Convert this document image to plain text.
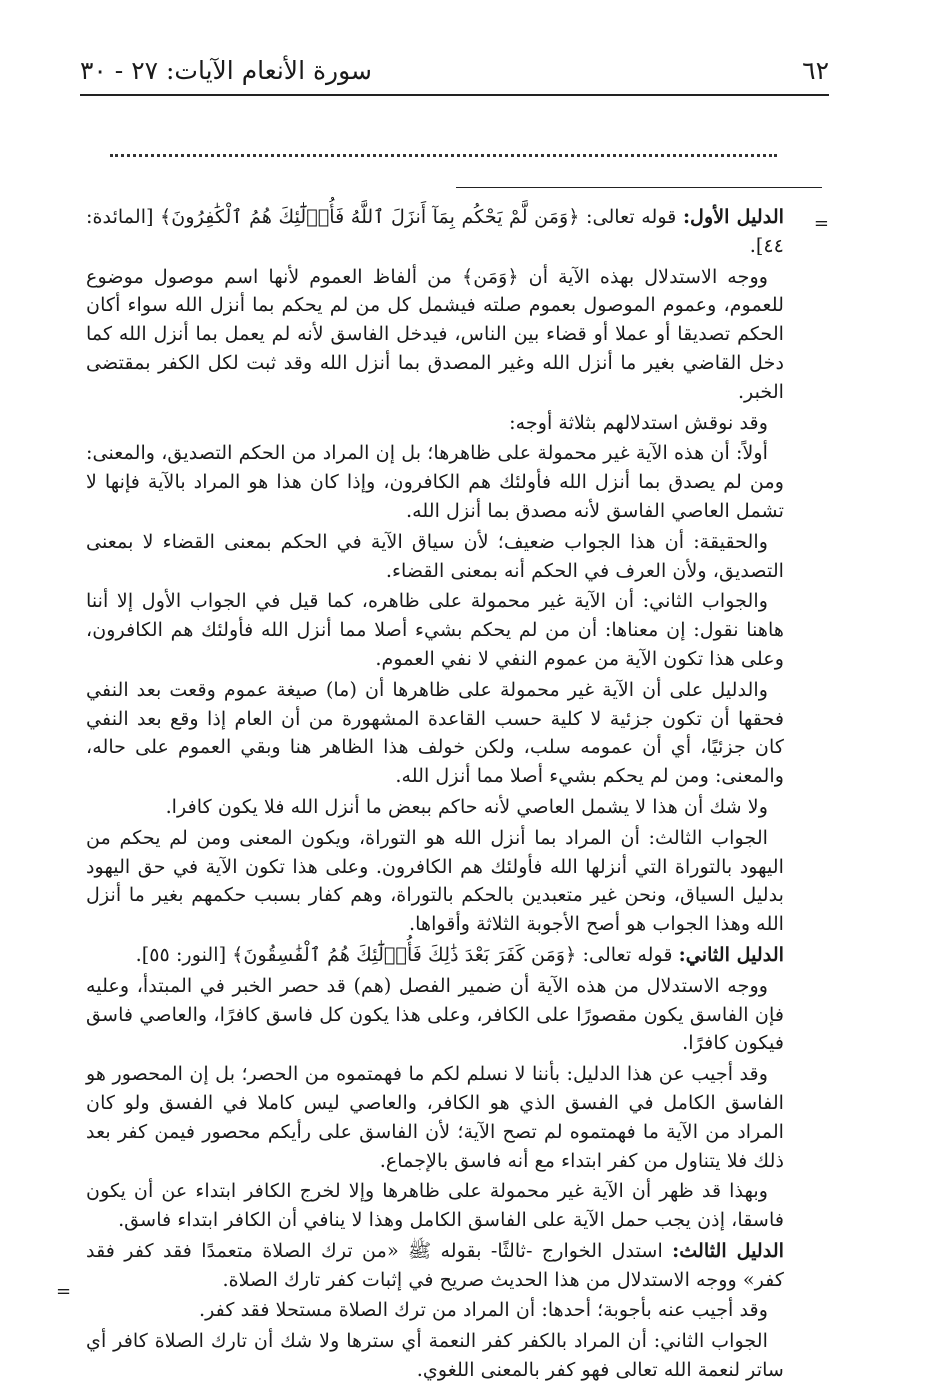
٦٢
سورة الأنعام الآيات: ٢٧ - ٣٠
=
=

الدليل الأول: قوله تعالى: ﴿وَمَن لَّمْ يَحْكُم بِمَآ أَنزَلَ ٱللَّهُ فَأُو۟لَٰٓئِكَ هُمُ ٱلْكَٰفِرُونَ﴾ [المائدة: ٤٤].

ووجه الاستدلال بهذه الآية أن ﴿وَمَن﴾ من ألفاظ العموم لأنها اسم موصول موضوع للعموم، وعموم الموصول بعموم صلته فيشمل كل من لم يحكم بما أنزل الله سواء أكان الحكم تصديقا أو عملا أو قضاء بين الناس، فيدخل الفاسق لأنه لم يعمل بما أنزل الله كما دخل القاضي بغير ما أنزل الله وغير المصدق بما أنزل الله وقد ثبت لكل الكفر بمقتضى الخبر.

وقد نوقش استدلالهم بثلاثة أوجه:

أولاً: أن هذه الآية غير محمولة على ظاهرها؛ بل إن المراد من الحكم التصديق، والمعنى: ومن لم يصدق بما أنزل الله فأولئك هم الكافرون، وإذا كان هذا هو المراد بالآية فإنها لا تشمل العاصي الفاسق لأنه مصدق بما أنزل الله.

والحقيقة: أن هذا الجواب ضعيف؛ لأن سياق الآية في الحكم بمعنى القضاء لا بمعنى التصديق، ولأن العرف في الحكم أنه بمعنى القضاء.

والجواب الثاني: أن الآية غير محمولة على ظاهره، كما قيل في الجواب الأول إلا أننا هاهنا نقول: إن معناها: أن من لم يحكم بشيء أصلا مما أنزل الله فأولئك هم الكافرون، وعلى هذا تكون الآية من عموم النفي لا نفي العموم.

والدليل على أن الآية غير محمولة على ظاهرها أن (ما) صيغة عموم وقعت بعد النفي فحقها أن تكون جزئية لا كلية حسب القاعدة المشهورة من أن العام إذا وقع بعد النفي كان جزئيًا، أي أن عمومه سلب، ولكن خولف هذا الظاهر هنا وبقي العموم على حاله، والمعنى: ومن لم يحكم بشيء أصلا مما أنزل الله.

ولا شك أن هذا لا يشمل العاصي لأنه حاكم ببعض ما أنزل الله فلا يكون كافرا.

الجواب الثالث: أن المراد بما أنزل الله هو التوراة، ويكون المعنى ومن لم يحكم من اليهود بالتوراة التي أنزلها الله فأولئك هم الكافرون. وعلى هذا تكون الآية في حق اليهود بدليل السياق، ونحن غير متعبدين بالحكم بالتوراة، وهم كفار بسبب حكمهم بغير ما أنزل الله وهذا الجواب هو أصح الأجوبة الثلاثة وأقواها.

الدليل الثاني: قوله تعالى: ﴿وَمَن كَفَرَ بَعْدَ ذَٰلِكَ فَأُو۟لَٰٓئِكَ هُمُ ٱلْفَٰسِقُونَ﴾ [النور: ٥٥].

ووجه الاستدلال من هذه الآية أن ضمير الفصل (هم) قد حصر الخبر في المبتدأ، وعليه فإن الفاسق يكون مقصورًا على الكافر، وعلى هذا يكون كل فاسق كافرًا، والعاصي فاسق فيكون كافرًا.

وقد أجيب عن هذا الدليل: بأننا لا نسلم لكم ما فهمتموه من الحصر؛ بل إن المحصور هو الفاسق الكامل في الفسق الذي هو الكافر، والعاصي ليس كاملا في الفسق ولو كان المراد من الآية ما فهمتموه لم تصح الآية؛ لأن الفاسق على رأيكم محصور فيمن كفر بعد ذلك فلا يتناول من كفر ابتداء مع أنه فاسق بالإجماع.

وبهذا قد ظهر أن الآية غير محمولة على ظاهرها وإلا لخرج الكافر ابتداء عن أن يكون فاسقا، إذن يجب حمل الآية على الفاسق الكامل وهذا لا ينافي أن الكافر ابتداء فاسق.

الدليل الثالث: استدل الخوارج -ثالثًا- بقوله ﷺ «من ترك الصلاة متعمدًا فقد كفر فقد كفر» ووجه الاستدلال من هذا الحديث صريح في إثبات كفر تارك الصلاة.

وقد أجيب عنه بأجوبة؛ أحدها: أن المراد من ترك الصلاة مستحلا فقد كفر.

الجواب الثاني: أن المراد بالكفر كفر النعمة أي سترها ولا شك أن تارك الصلاة كافر أي ساتر لنعمة الله تعالى فهو كفر بالمعنى اللغوي.
